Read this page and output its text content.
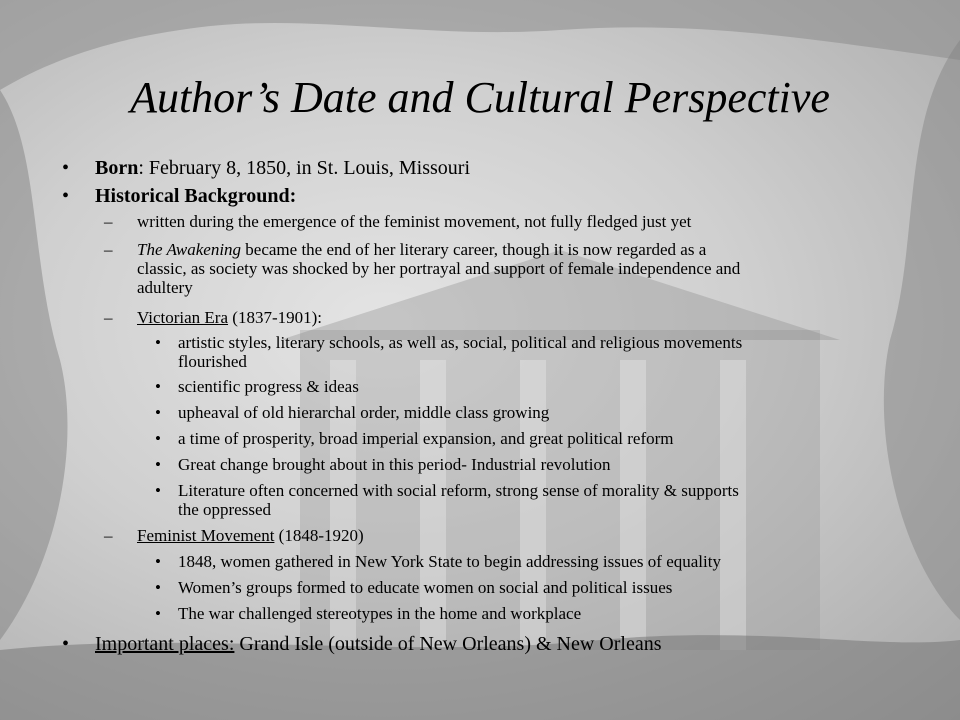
Author’s Date and Cultural Perspective
• Born: February 8, 1850, in St. Louis, Missouri
• Historical Background:
– written during the emergence of the feminist movement, not fully fledged just yet
– The Awakening became the end of her literary career, though it is now regarded as a
classic, as society was shocked by her portrayal and support of female independence and
adultery
– Victorian Era (1837-1901):
• artistic styles, literary schools, as well as, social, political and religious movements
flourished
• scientific progress & ideas
• upheaval of old hierarchal order, middle class growing
• a time of prosperity, broad imperial expansion, and great political reform
• Great change brought about in this period- Industrial revolution
• Literature often concerned with social reform, strong sense of morality & supports
the oppressed
– Feminist Movement (1848-1920)
• 1848, women gathered in New York State to begin addressing issues of equality
• Women’s groups formed to educate women on social and political issues
• The war challenged stereotypes in the home and workplace
• Important places: Grand Isle (outside of New Orleans) & New Orleans
